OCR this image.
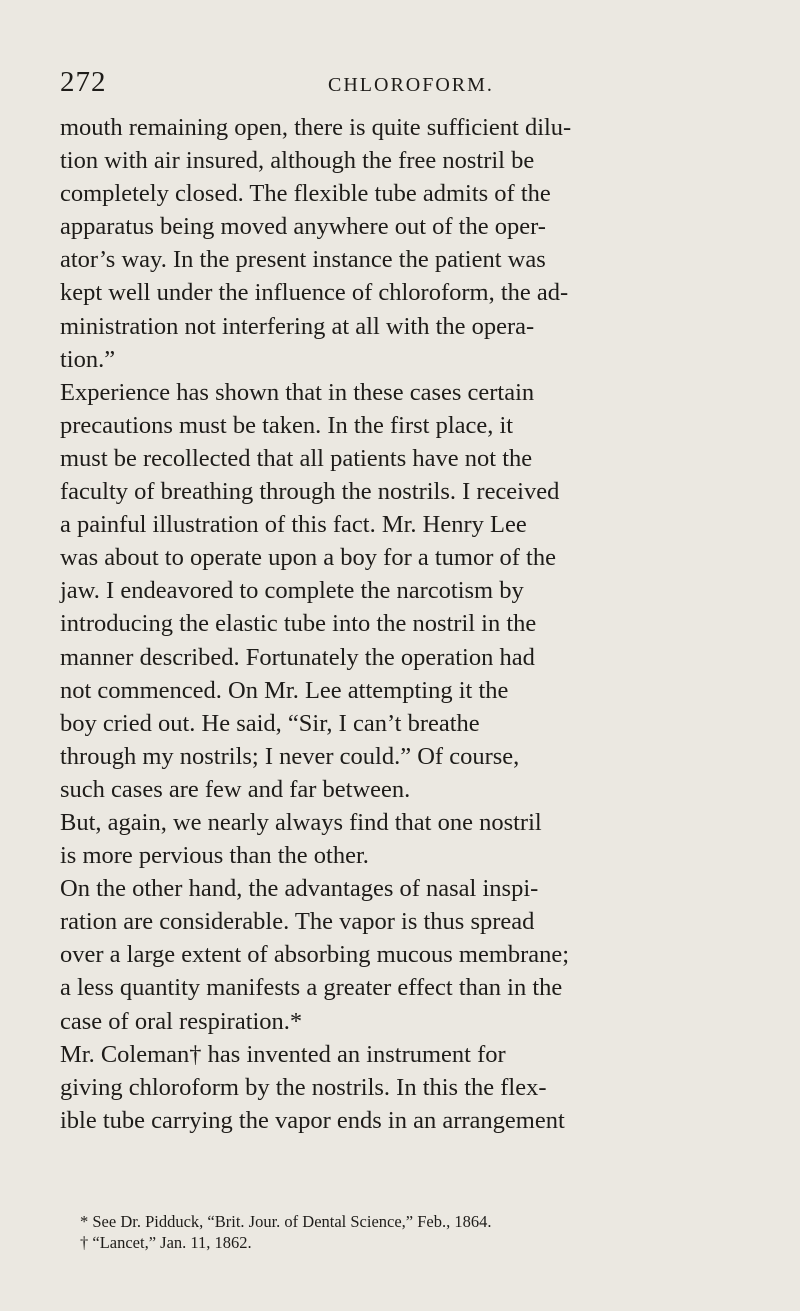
272	CHLOROFORM.

mouth remaining open, there is quite sufficient dilu-

tion with air insured, although the free nostril be

completely closed. The flexible tube admits of the

apparatus being moved anywhere out of the oper-

ator’s way. In the present instance the patient was

kept well under the influence of chloroform, the ad-

ministration not interfering at all with the opera-

tion.”

Experience has shown that in these cases certain

precautions must be taken. In the first place, it

must be recollected that all patients have not the

faculty of breathing through the nostrils. I received

a painful illustration of this fact. Mr. Henry Lee

was about to operate upon a boy for a tumor of the

jaw. I endeavored to complete the narcotism by

introducing the elastic tube into the nostril in the

manner described. Fortunately the operation had

not commenced. On Mr. Lee attempting it the

boy cried out. He said, “Sir, I can’t breathe

through my nostrils; I never could.” Of course,

such cases are few and far between.

But, again, we nearly always find that one nostril

is more pervious than the other.

On the other hand, the advantages of nasal inspi-

ration are considerable. The vapor is thus spread

over a large extent of absorbing mucous membrane;

a less quantity manifests a greater effect than in the

case of oral respiration.*

Mr. Coleman† has invented an instrument for

giving chloroform by the nostrils. In this the flex-

ible tube carrying the vapor ends in an arrangement

* See Dr. Pidduck, “Brit. Jour. of Dental Science,” Feb., 1864.

† “Lancet,” Jan. 11, 1862.
